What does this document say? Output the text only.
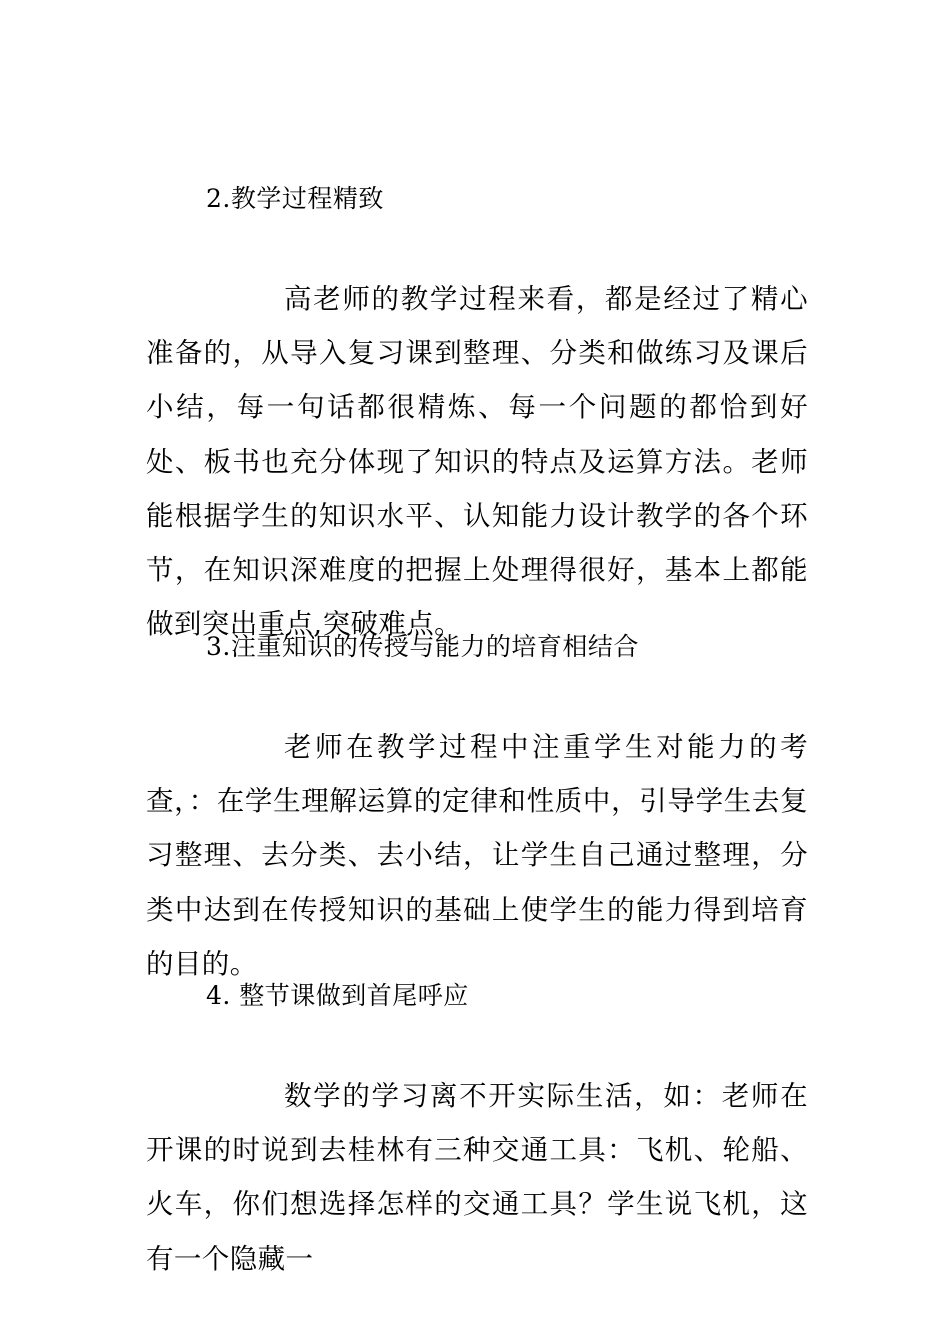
2.教学过程精致
高老师的教学过程来看，都是经过了精心准备的，从导入复习课到整理、分类和做练习及课后小结，每一句话都很精炼、每一个问题的都恰到好处、板书也充分体现了知识的特点及运算方法。老师能根据学生的知识水平、认知能力设计教学的各个环节，在知识深难度的把握上处理得很好，基本上都能做到突出重点,突破难点。
3.注重知识的传授与能力的培育相结合
老师在教学过程中注重学生对能力的考查，：在学生理解运算的定律和性质中，引导学生去复习整理、去分类、去小结，让学生自己通过整理，分类中达到在传授知识的基础上使学生的能力得到培育的目的。
4. 整节课做到首尾呼应
数学的学习离不开实际生活，如：老师在开课的时说到去桂林有三种交通工具：飞机、轮船、火车，你们想选择怎样的交通工具？学生说飞机，这有一个隐藏一
